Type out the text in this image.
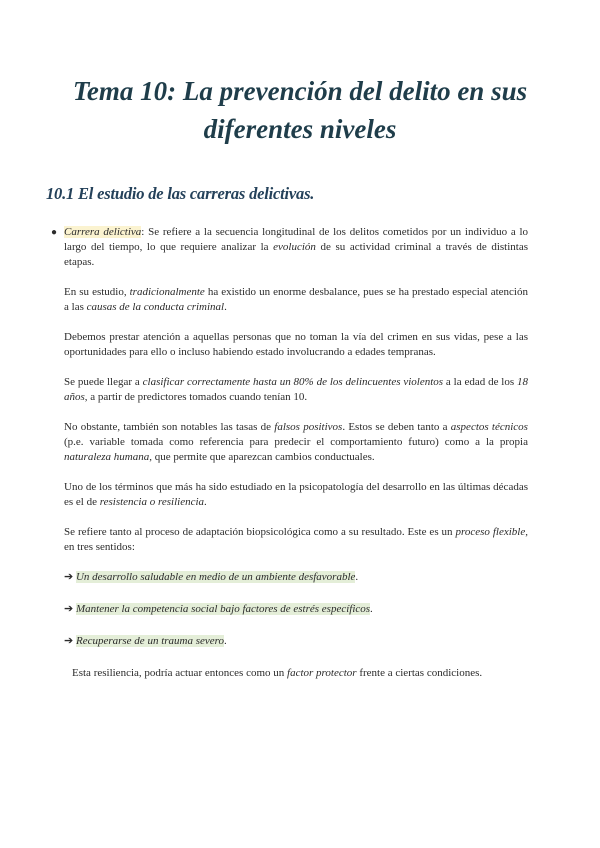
Tema 10: La prevención del delito en sus
diferentes niveles
10.1 El estudio de las carreras delictivas.

● Carrera delictiva: Se refiere a la secuencia longitudinal de los delitos cometidos por un individuo a lo largo del tiempo, lo que requiere analizar la evolución de su actividad criminal a través de distintas etapas.

En su estudio, tradicionalmente ha existido un enorme desbalance, pues se ha prestado especial atención a las causas de la conducta criminal.

Debemos prestar atención a aquellas personas que no toman la vía del crimen en sus vidas, pese a las oportunidades para ello o incluso habiendo estado involucrando a edades tempranas.

Se puede llegar a clasificar correctamente hasta un 80% de los delincuentes violentos a la edad de los 18 años, a partir de predictores tomados cuando tenían 10.

No obstante, también son notables las tasas de falsos positivos. Estos se deben tanto a aspectos técnicos (p.e. variable tomada como referencia para predecir el comportamiento futuro) como a la propia naturaleza humana, que permite que aparezcan cambios conductuales.

Uno de los términos que más ha sido estudiado en la psicopatología del desarrollo en las últimas décadas es el de resistencia o resiliencia.

Se refiere tanto al proceso de adaptación biopsicológica como a su resultado. Este es un proceso flexible, en tres sentidos:

➔ Un desarrollo saludable en medio de un ambiente desfavorable.
➔ Mantener la competencia social bajo factores de estrés específicos.
➔ Recuperarse de un trauma severo.

Esta resiliencia, podría actuar entonces como un factor protector frente a ciertas condiciones.
